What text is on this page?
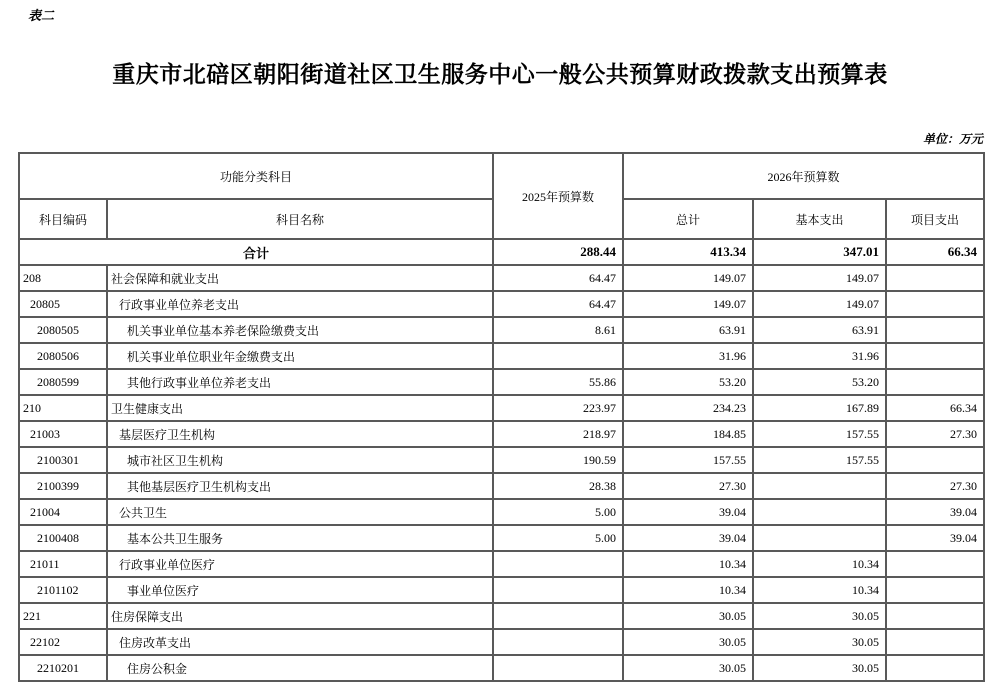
表二
重庆市北碚区朝阳街道社区卫生服务中心一般公共预算财政拨款支出预算表
单位：万元
功能分类科目		2025年预算数	2026年预算数		
科目编码	科目名称		总计	基本支出	项目支出
合计		288.44	413.34	347.01	66.34
208	社会保障和就业支出	64.47	149.07	149.07	
20805	行政事业单位养老支出	64.47	149.07	149.07	
2080505	机关事业单位基本养老保险缴费支出	8.61	63.91	63.91	
2080506	机关事业单位职业年金缴费支出		31.96	31.96	
2080599	其他行政事业单位养老支出	55.86	53.20	53.20	
210	卫生健康支出	223.97	234.23	167.89	66.34
21003	基层医疗卫生机构	218.97	184.85	157.55	27.30
2100301	城市社区卫生机构	190.59	157.55	157.55	
2100399	其他基层医疗卫生机构支出	28.38	27.30		27.30
21004	公共卫生	5.00	39.04		39.04
2100408	基本公共卫生服务	5.00	39.04		39.04
21011	行政事业单位医疗		10.34	10.34	
2101102	事业单位医疗		10.34	10.34	
221	住房保障支出		30.05	30.05	
22102	住房改革支出		30.05	30.05	
2210201	住房公积金		30.05	30.05	
